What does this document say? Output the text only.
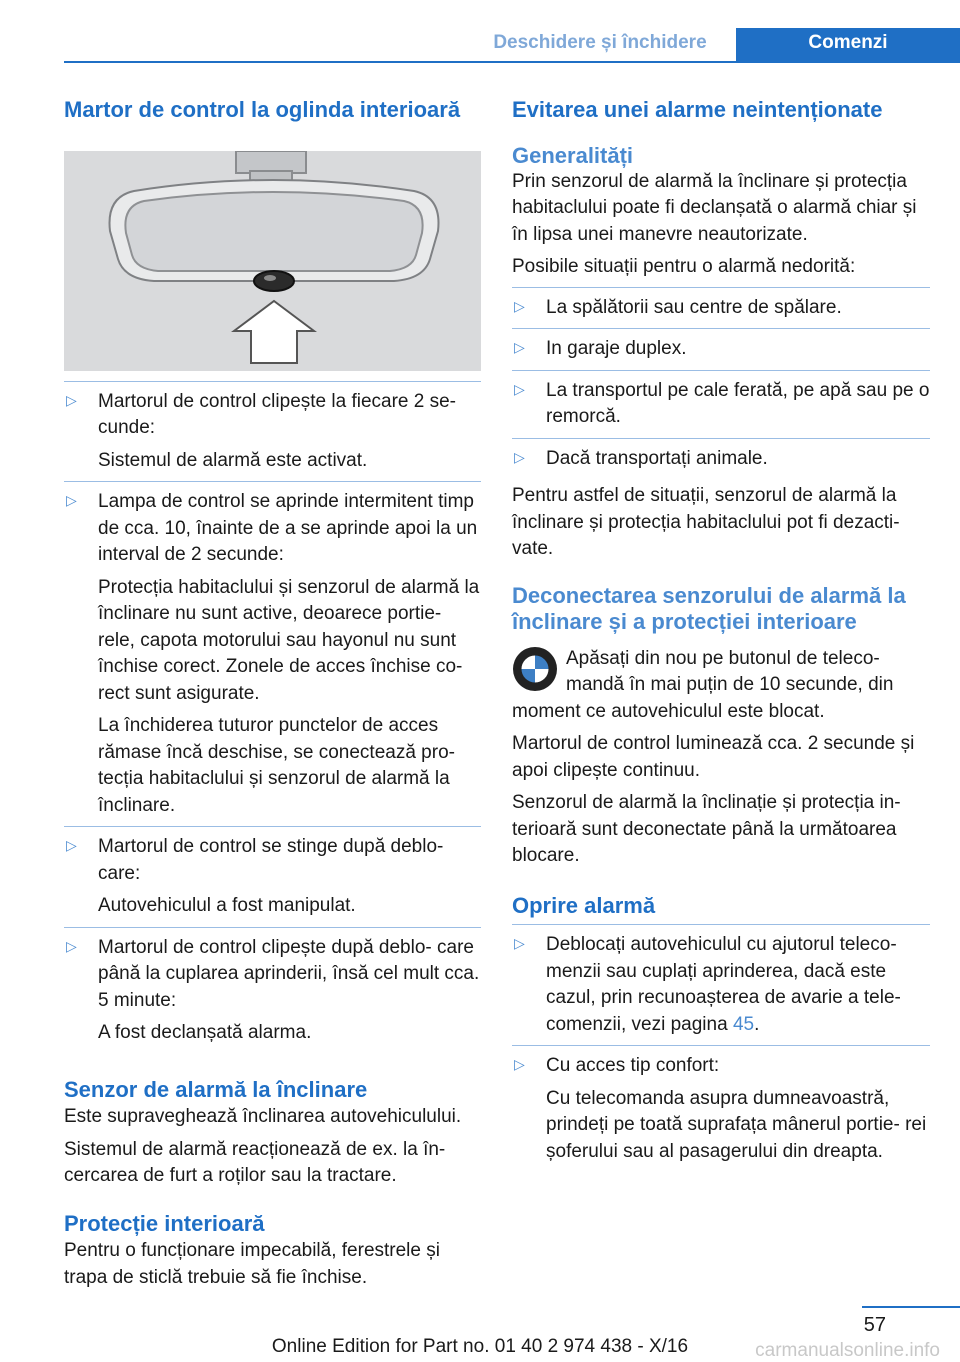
Deschidere și închidere	Comenzi
Martor de control la oglinda interioară
▷ Martorul de control clipește la fiecare 2 se‐ cunde:

Sistemul de alarmă este activat.

▷ Lampa de control se aprinde intermitent timp de cca. 10, înainte de a se aprinde apoi la un interval de 2 secunde:

Protecția habitaclului și senzorul de alarmă la înclinare nu sunt active, deoarece portie‐ rele, capota motorului sau hayonul nu sunt închise corect. Zonele de acces închise co‐ rect sunt asigurate.

La închiderea tuturor punctelor de acces rămase încă deschise, se conectează pro‐ tecția habitaclului și senzorul de alarmă la înclinare.

▷ Martorul de control se stinge după deblo‐ care:

Autovehiculul a fost manipulat.

▷ Martorul de control clipește după deblo‐ care până la cuplarea aprinderii, însă cel mult cca. 5 minute:

A fost declanșată alarma.

Senzor de alarmă la înclinare

Este supraveghează înclinarea autovehiculului.

Sistemul de alarmă reacționează de ex. la în‐ cercarea de furt a roților sau la tractare.

Protecție interioară

Pentru o funcționare impecabilă, ferestrele și trapa de sticlă trebuie să fie închise.

Evitarea unei alarme neintenționate
Generalități

Prin senzorul de alarmă la înclinare și protecția habitaclului poate fi declanșată o alarmă chiar și în lipsa unei manevre neautorizate.

Posibile situații pentru o alarmă nedorită:

▷ La spălătorii sau centre de spălare.

▷ In garaje duplex.

▷ La transportul pe cale ferată, pe apă sau pe o remorcă.

▷ Dacă transportați animale.

Pentru astfel de situații, senzorul de alarmă la înclinare și protecția habitaclului pot fi dezacti‐ vate.

Deconectarea senzorului de alarmă la înclinare și a protecției interioare

Apăsați din nou pe butonul de teleco‐ mandă în mai puțin de 10 secunde, din moment ce autovehiculul este blocat.

Martorul de control luminează cca. 2 secunde și apoi clipește continuu.

Senzorul de alarmă la înclinație și protecția in‐ terioară sunt deconectate până la următoarea blocare.

Oprire alarmă
▷ Deblocați autovehiculul cu ajutorul teleco‐ menzii sau cuplați aprinderea, dacă este cazul, prin recunoașterea de avarie a tele‐ comenzii, vezi pagina 45.

▷ Cu acces tip confort:

Cu telecomanda asupra dumneavoastră, prindeți pe toată suprafața mânerul portie‐ rei șoferului sau al pasagerului din dreapta.

57
Online Edition for Part no. 01 40 2 974 438 - X/16	carmanualsonline.info
